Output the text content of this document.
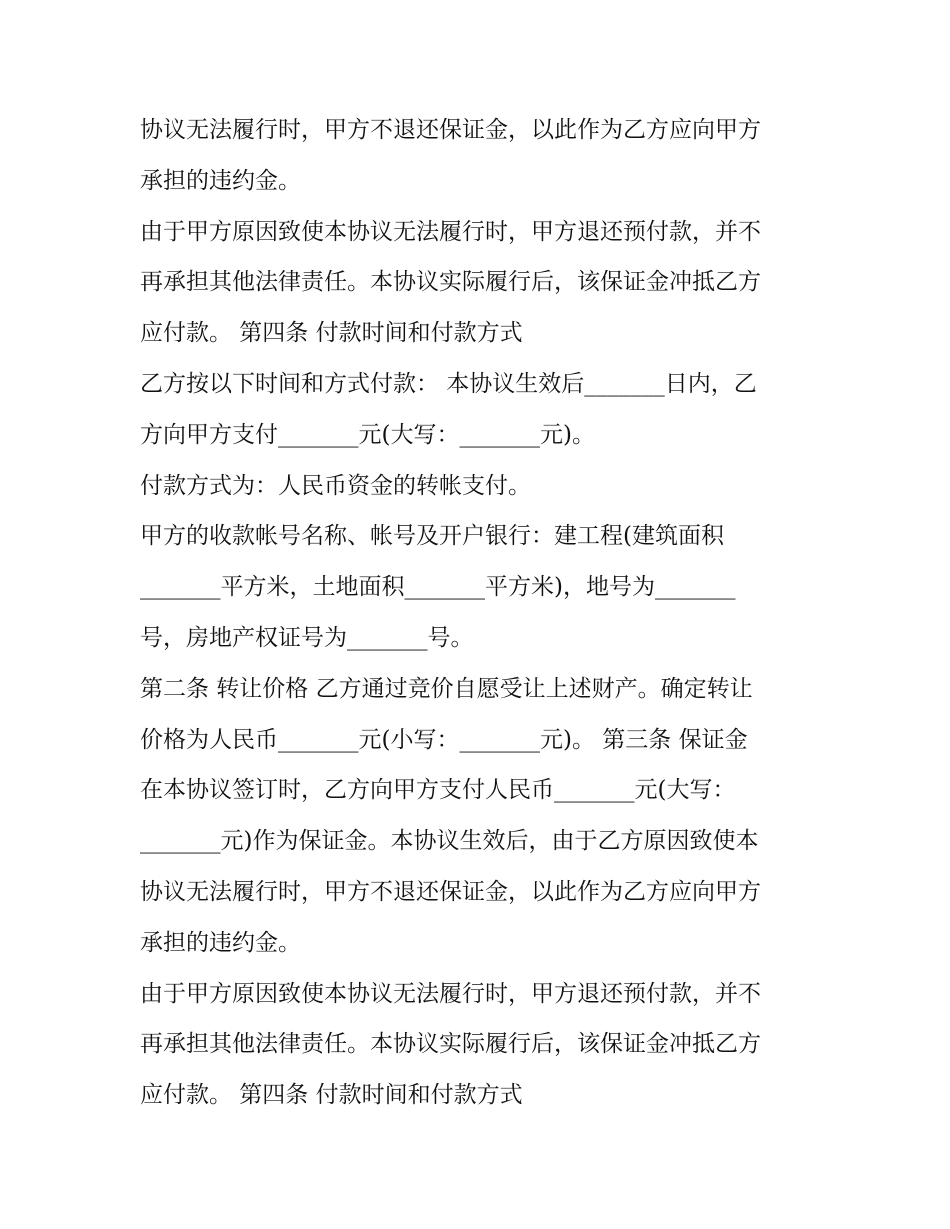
协议无法履行时，甲方不退还保证金，以此作为乙方应向甲方
承担的违约金。
由于甲方原因致使本协议无法履行时，甲方退还预付款，并不
再承担其他法律责任。本协议实际履行后，该保证金冲抵乙方
应付款。 第四条 付款时间和付款方式
乙方按以下时间和方式付款： 本协议生效后_______日内，乙
方向甲方支付_______元(大写：_______元)。
付款方式为：人民币资金的转帐支付。
甲方的收款帐号名称、帐号及开户银行：建工程(建筑面积
_______平方米，土地面积_______平方米)，地号为_______
号，房地产权证号为_______号。
第二条 转让价格 乙方通过竞价自愿受让上述财产。确定转让
价格为人民币_______元(小写：_______元)。 第三条 保证金
在本协议签订时，乙方向甲方支付人民币_______元(大写：
_______元)作为保证金。本协议生效后，由于乙方原因致使本
协议无法履行时，甲方不退还保证金，以此作为乙方应向甲方
承担的违约金。
由于甲方原因致使本协议无法履行时，甲方退还预付款，并不
再承担其他法律责任。本协议实际履行后，该保证金冲抵乙方
应付款。 第四条 付款时间和付款方式
